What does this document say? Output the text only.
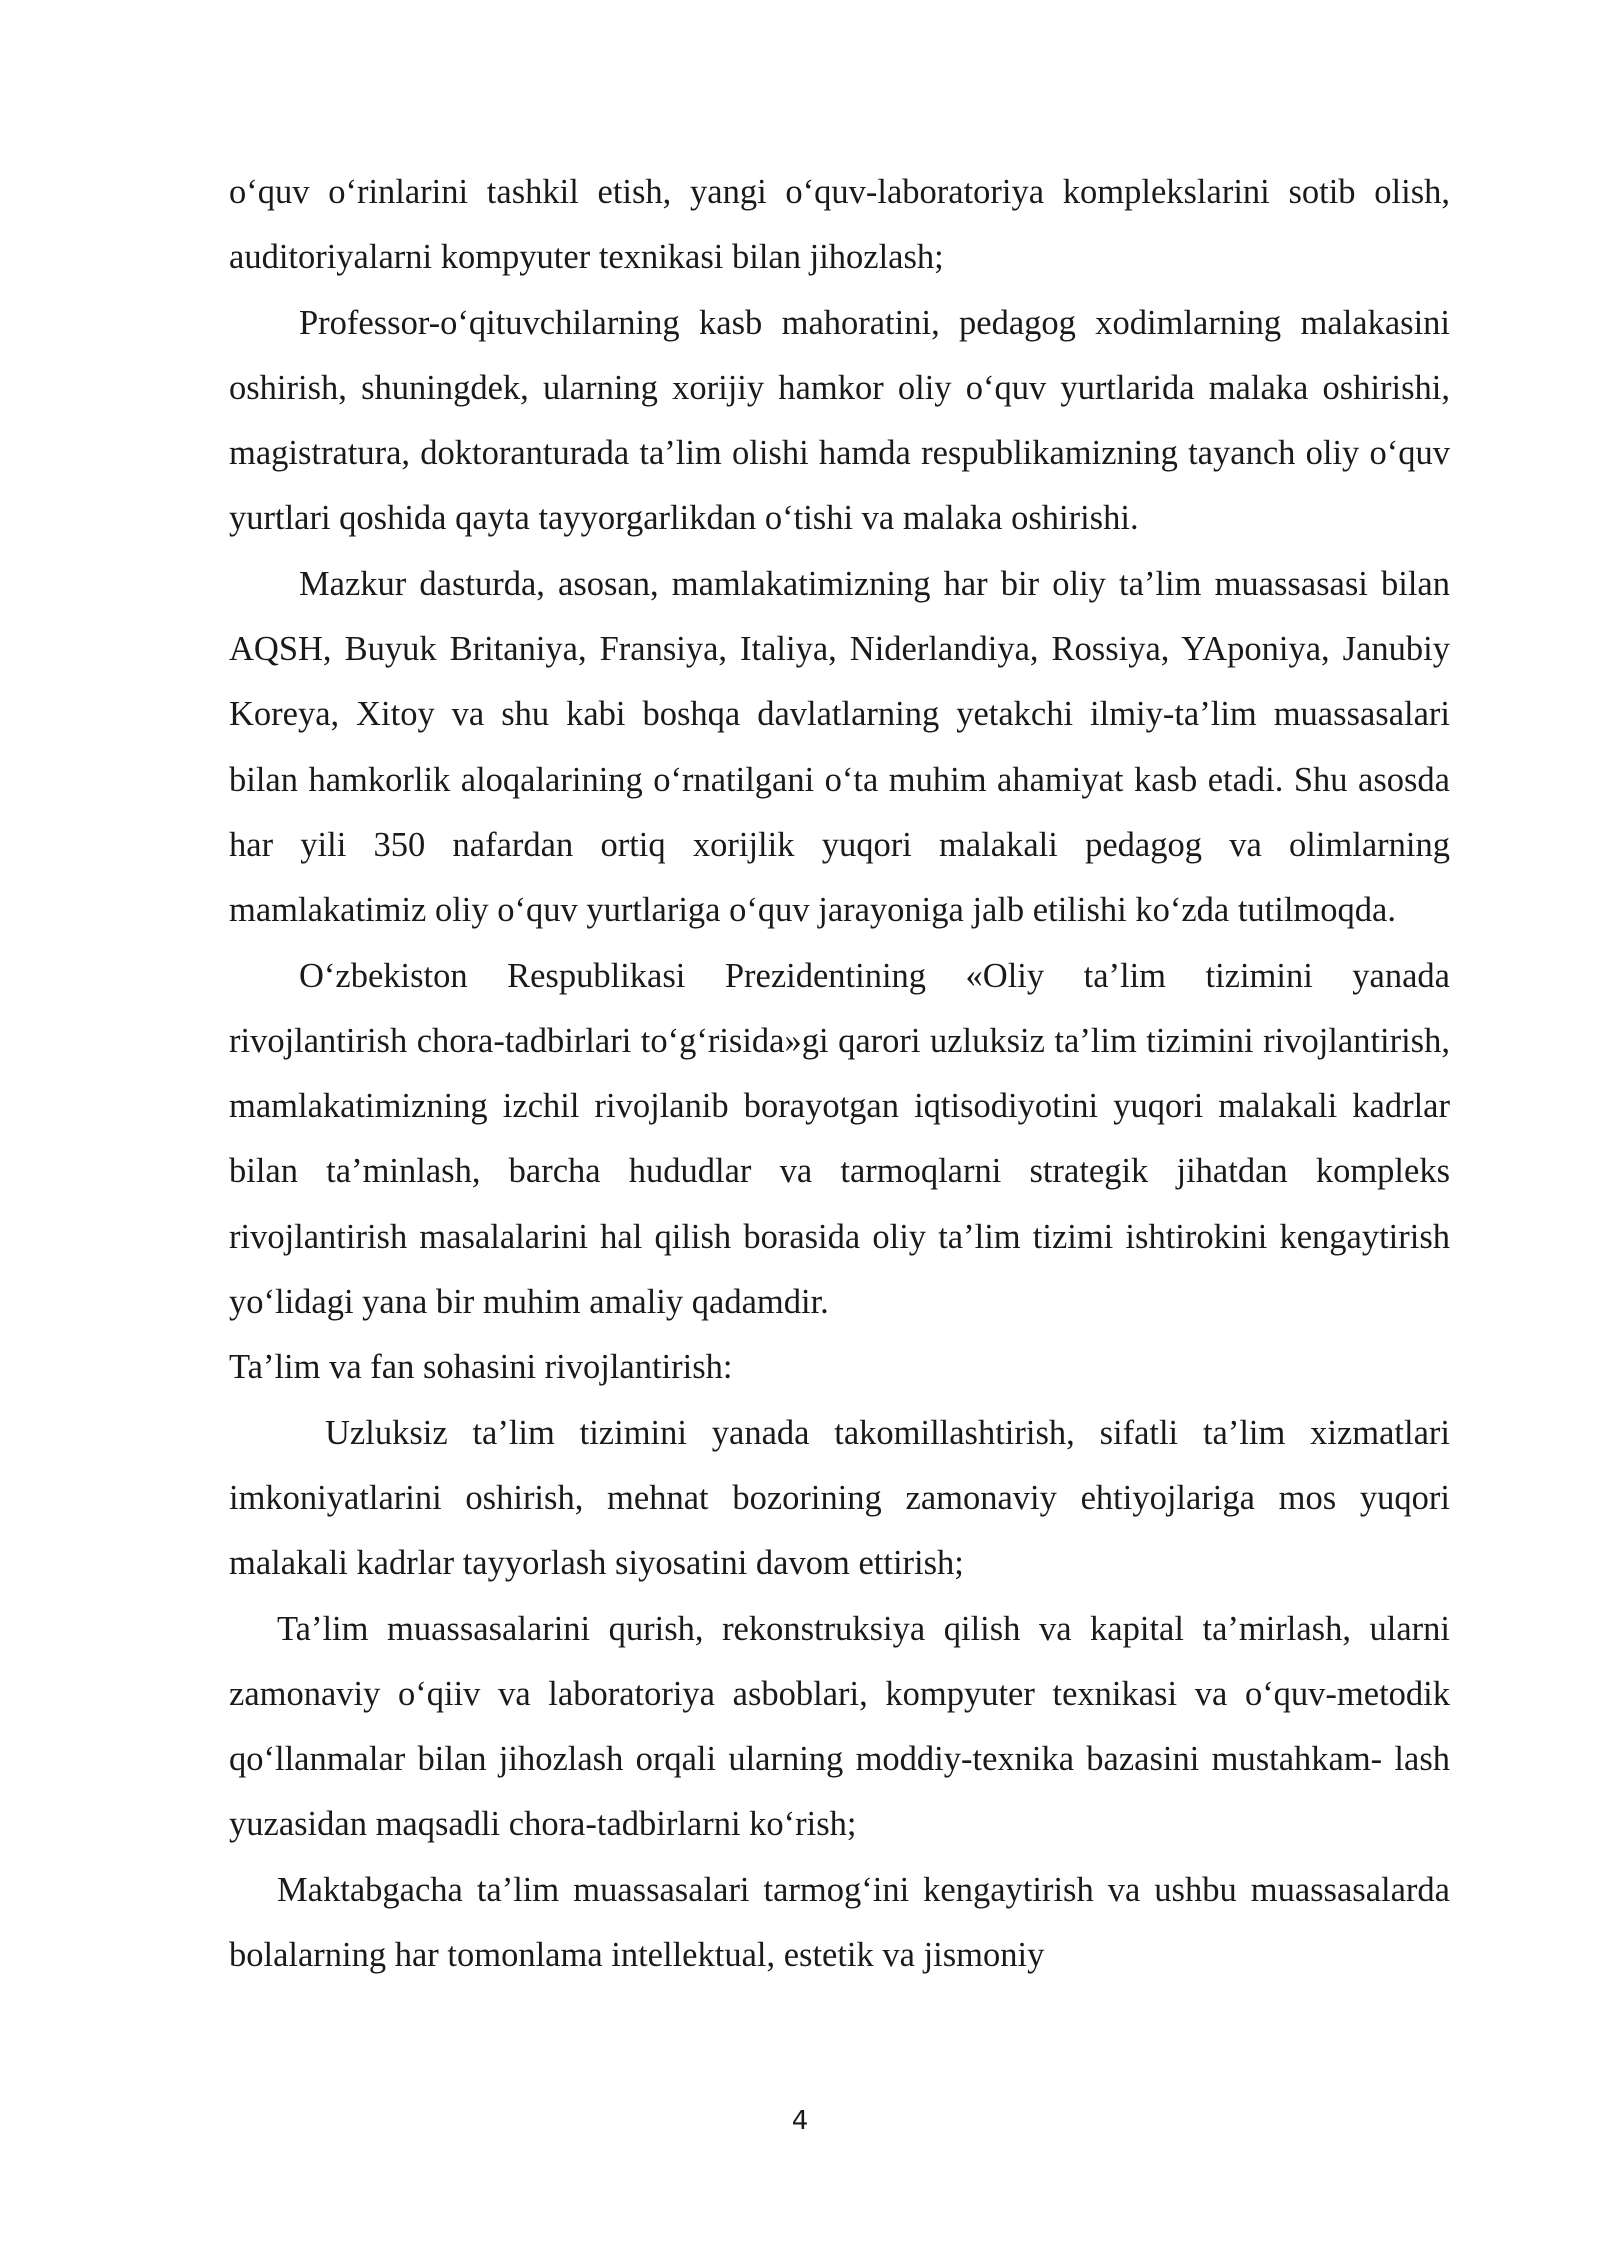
o‘quv o‘rinlarini tashkil etish, yangi o‘quv-laboratoriya komplekslarini sotib olish, auditoriyalarni kompyuter texnikasi bilan jihozlash;

Professor-o‘qituvchilarning kasb mahoratini, pedagog xodimlarning malakasini oshirish, shuningdek, ularning xorijiy hamkor oliy o‘quv yurtlarida malaka oshirishi, magistratura, doktoranturada ta’lim olishi hamda respublikamizning tayanch oliy o‘quv yurtlari qoshida qayta tayyorgarlikdan o‘tishi va malaka oshirishi.

Mazkur dasturda, asosan, mamlakatimizning har bir oliy ta’lim muassasasi bilan AQSH, Buyuk Britaniya, Fransiya, Italiya, Niderlandiya, Rossiya, YAponiya, Janubiy Koreya, Xitoy va shu kabi boshqa davlatlarning yetakchi ilmiy-ta’lim muassasalari bilan hamkorlik aloqalarining o‘rnatilgani o‘ta muhim ahamiyat kasb etadi. Shu asosda har yili 350 nafardan ortiq xorijlik yuqori malakali pedagog va olimlarning mamlakatimiz oliy o‘quv yurtlariga o‘quv jarayoniga jalb etilishi ko‘zda tutilmoqda.

O‘zbekiston Respublikasi Prezidentining «Oliy ta’lim tizimini yanada rivojlantirish chora-tadbirlari to‘g‘risida»gi qarori uzluksiz ta’lim tizimini rivojlantirish, mamlakatimizning izchil rivojlanib borayotgan iqtisodiyotini yuqori malakali kadrlar bilan ta’minlash, barcha hududlar va tarmoqlarni strategik jihatdan kompleks rivojlantirish masalalarini hal qilish borasida oliy ta’lim tizimi ishtirokini kengaytirish yo‘lidagi yana bir muhim amaliy qadamdir.

Ta’lim va fan sohasini rivojlantirish:

Uzluksiz ta’lim tizimini yanada takomillashtirish, sifatli ta’lim xizmatlari imkoniyatlarini oshirish, mehnat bozorining zamonaviy ehtiyojlariga mos yuqori malakali kadrlar tayyorlash siyosatini davom ettirish;

Ta’lim muassasalarini qurish, rekonstruksiya qilish va kapital ta’mirlash, ularni zamonaviy o‘qiiv va laboratoriya asboblari, kompyuter texnikasi va o‘quv-metodik qo‘llanmalar bilan jihozlash orqali ularning moddiy-texnika bazasini mustahkam- lash yuzasidan maqsadli chora-tadbirlarni ko‘rish;

Maktabgacha ta’lim muassasalari tarmog‘ini kengaytirish va ushbu muassasalarda bolalarning har tomonlama intellektual, estetik va jismoniy

4
